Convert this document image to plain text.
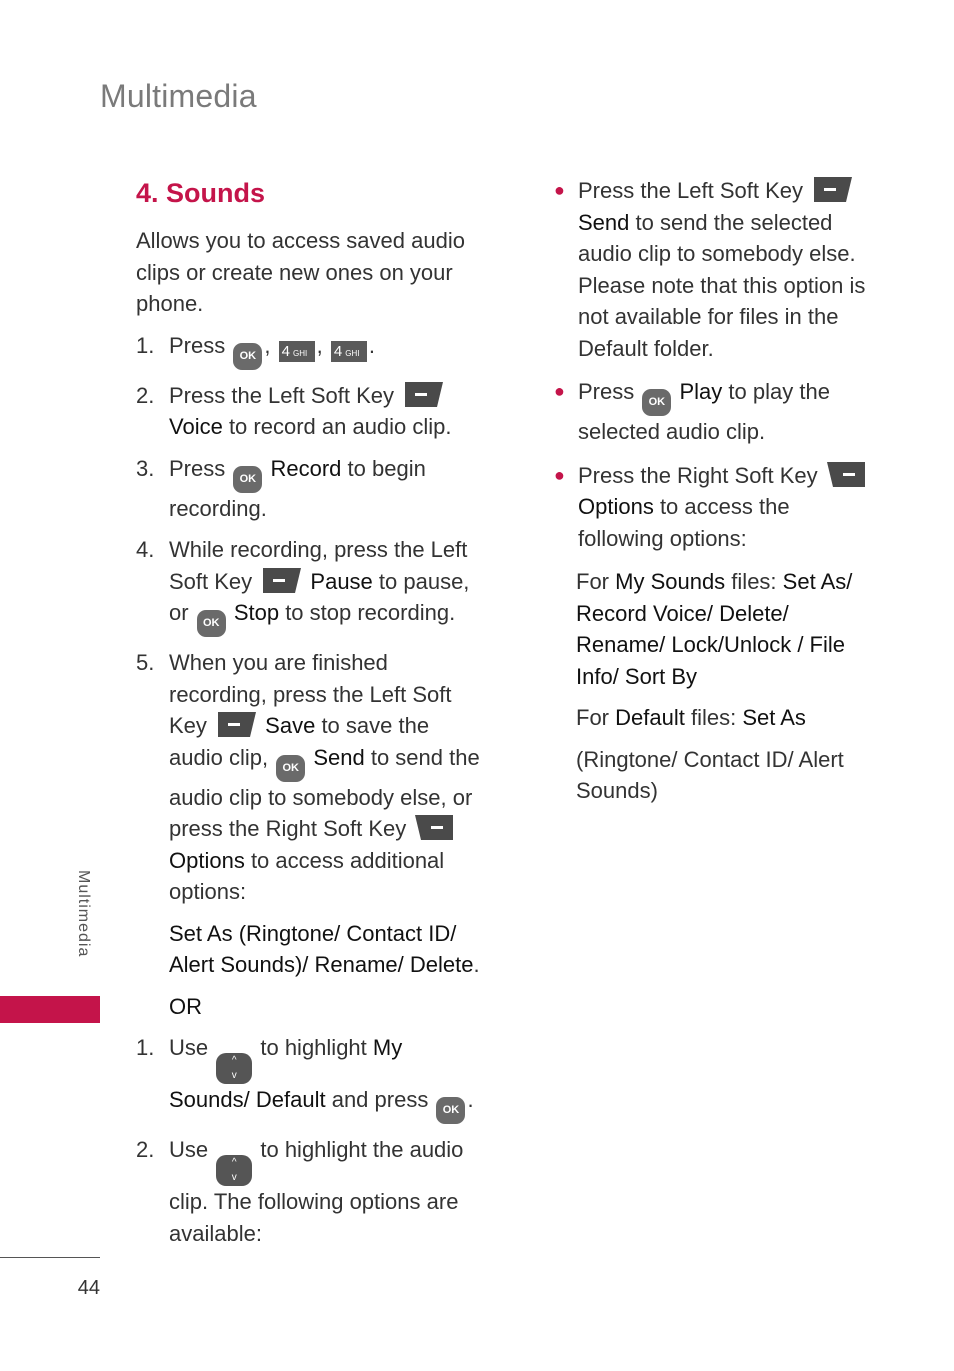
Multimedia
Multimedia
44
4. Sounds
Allows you to access saved audio clips or create new ones on your phone.
1. Press OK , 4 GHI , 4 GHI .
2. Press the Left Soft Key  Voice to record an audio clip.
3. Press OK Record to begin recording.
4. While recording, press the Left Soft Key	Pause to pause, or OK Stop to stop recording.
5. When you are finished recording, press the Left Soft Key	Save to save the audio clip, OK Send to send the audio clip to somebody else, or press the Right Soft Key  Options to access additional options:
Set As (Ringtone/ Contact ID/ Alert Sounds)/ Rename/ Delete.
OR
1. Use
^
v
to highlight My Sounds/ Default and press OK .
2. Use
^
v
to highlight the audio clip. The following options are available:
● Press the Left Soft Key  Send to send the selected audio clip to somebody else. Please note that this option is not available for files in the Default folder.
● Press OK Play to play the selected audio clip.
● Press the Right Soft Key  Options to access the following options:
For My Sounds files: Set As/ Record Voice/ Delete/ Rename/ Lock/Unlock / File Info/ Sort By
For Default files: Set As
(Ringtone/ Contact ID/ Alert Sounds)
